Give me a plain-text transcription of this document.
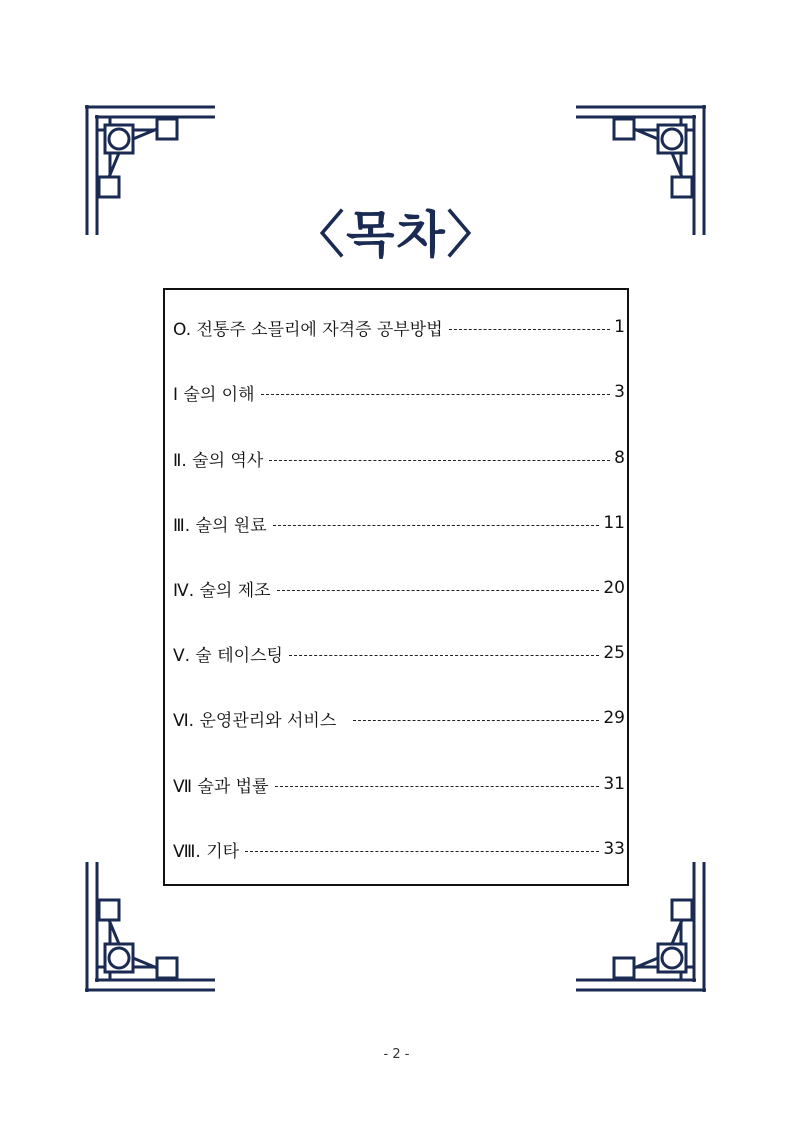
〈목차〉
O. 전통주 소믈리에 자격증 공부방법	1
Ⅰ 술의 이해	3
Ⅱ. 술의 역사	8
Ⅲ. 술의 원료	11
Ⅳ. 술의 제조	20
Ⅴ. 술 테이스팅	25
Ⅵ. 운영관리와 서비스	29
Ⅶ 술과 법률	31
Ⅷ. 기타	33
- 2 -
